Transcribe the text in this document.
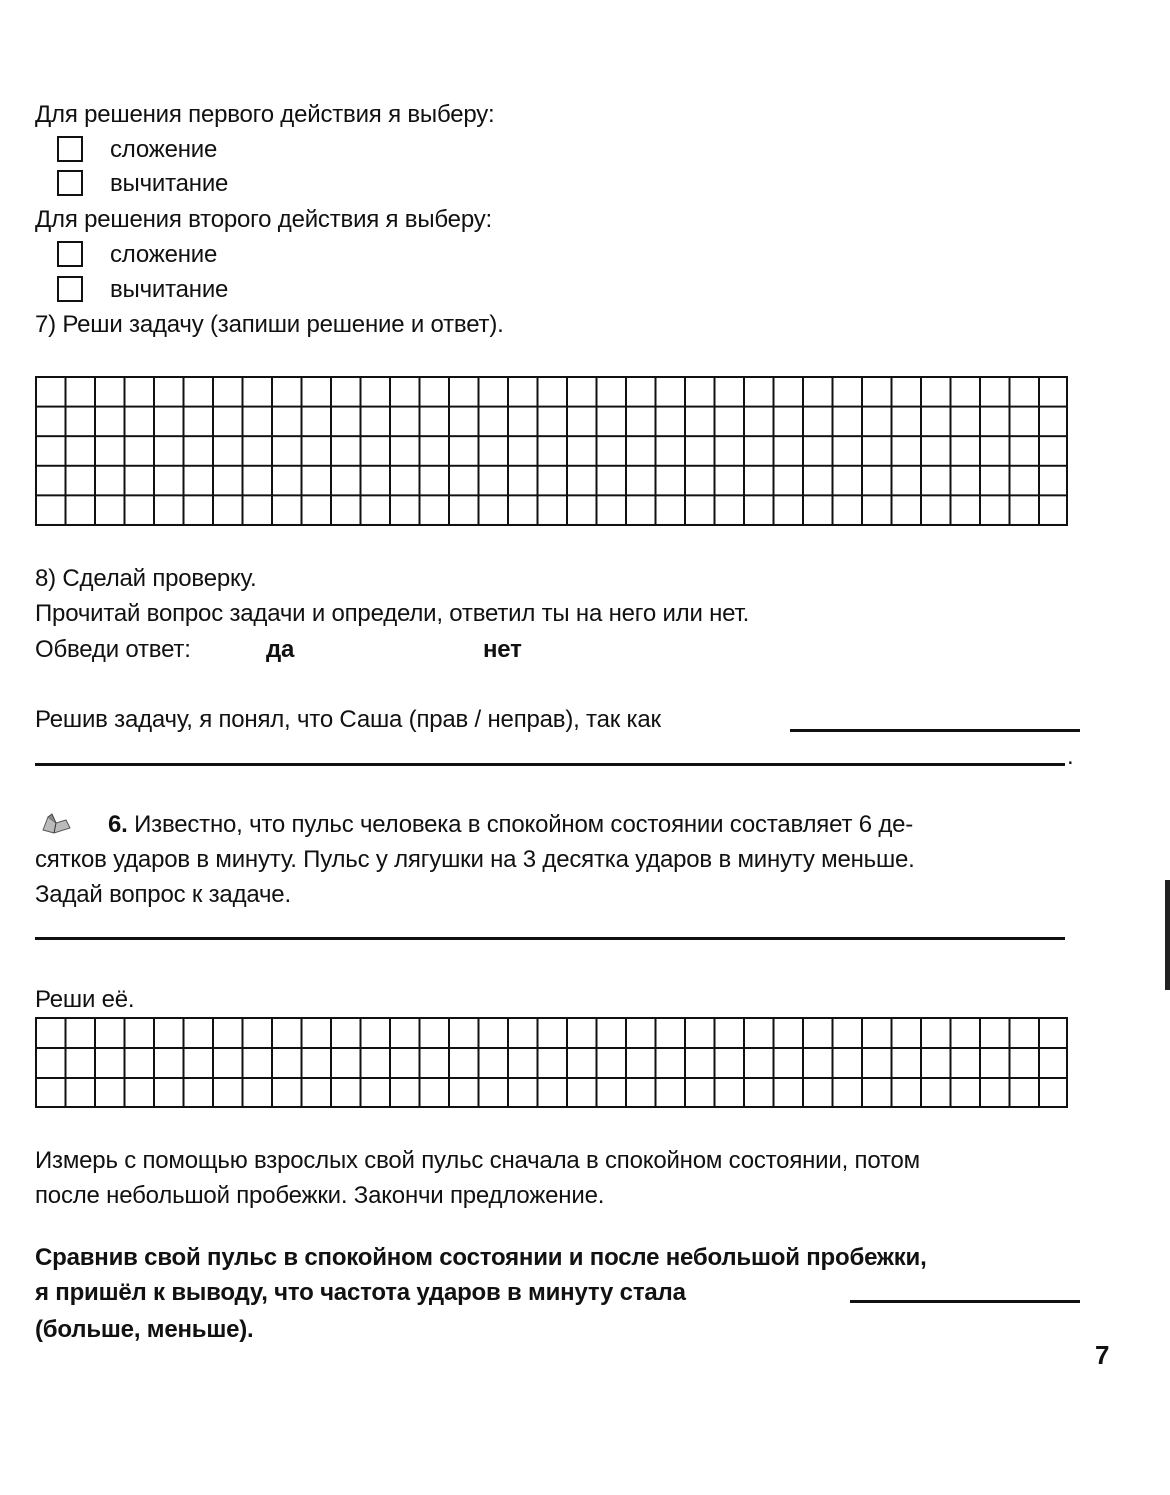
Для решения первого действия я выберу:
сложение
вычитание
Для решения второго действия я выберу:
сложение
вычитание
7) Реши задачу (запиши решение и ответ).
8) Сделай проверку.
Прочитай вопрос задачи и определи, ответил ты на него или нет.
Обведи ответ:	да	нет
Решив задачу, я понял, что Саша (прав / неправ), так как
.
6. Известно, что пульс человека в спокойном состоянии составляет 6 де-
сятков ударов в минуту. Пульс у лягушки на 3 десятка ударов в минуту меньше.
Задай вопрос к задаче.
Реши её.
Измерь с помощью взрослых свой пульс сначала в спокойном состоянии, потом
после небольшой пробежки. Закончи предложение.
Сравнив свой пульс в спокойном состоянии и после небольшой пробежки,
я пришёл к выводу, что частота ударов в минуту стала
(больше, меньше).
7
